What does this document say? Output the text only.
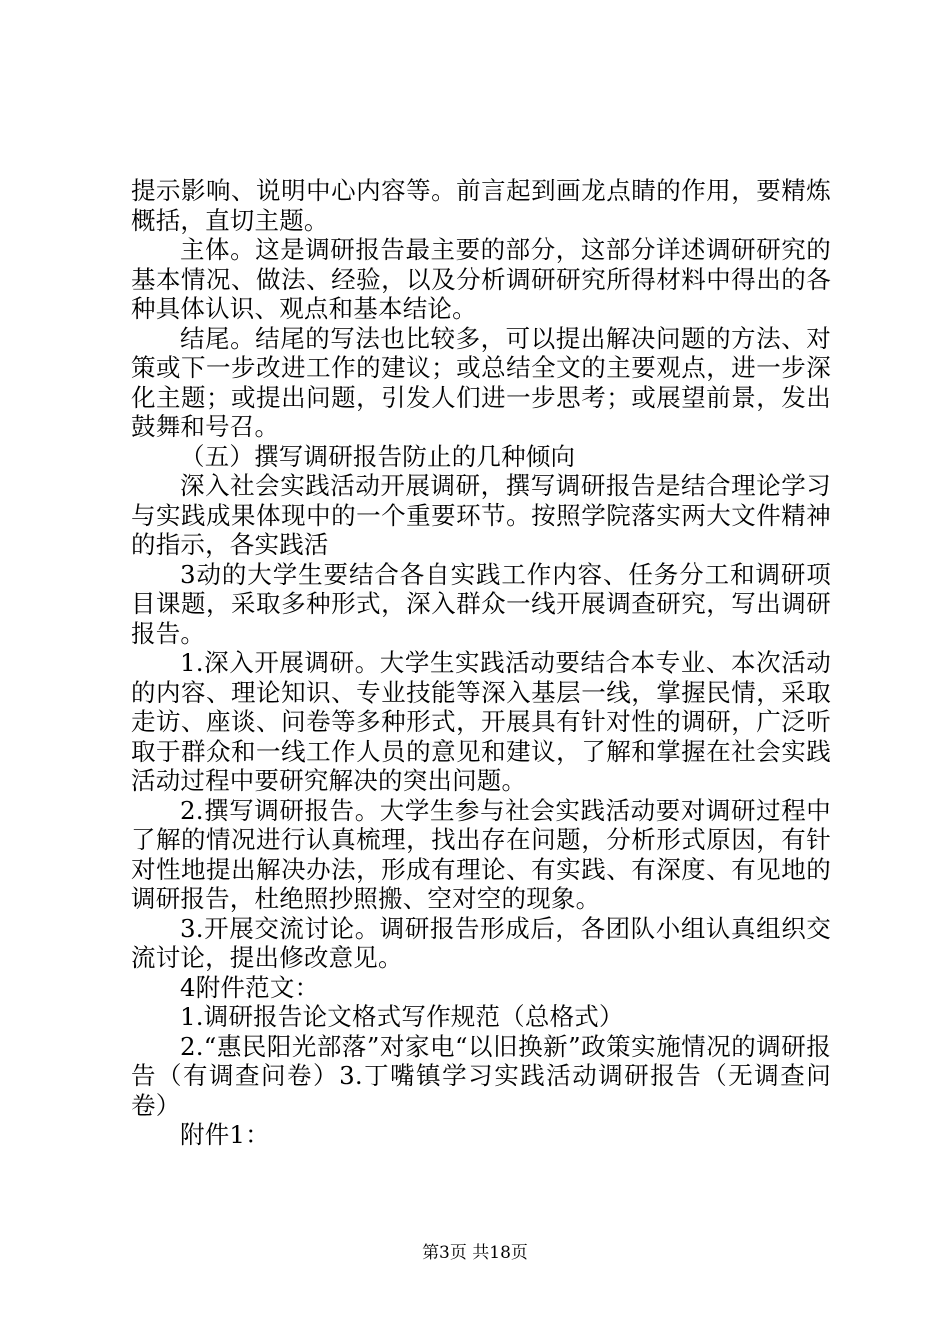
提示影响、说明中心内容等。前言起到画龙点睛的作用，要精炼概括，直切主题。

主体。这是调研报告最主要的部分，这部分详述调研研究的基本情况、做法、经验，以及分析调研研究所得材料中得出的各种具体认识、观点和基本结论。

结尾。结尾的写法也比较多，可以提出解决问题的方法、对策或下一步改进工作的建议；或总结全文的主要观点，进一步深化主题；或提出问题，引发人们进一步思考；或展望前景，发出鼓舞和号召。

（五）撰写调研报告防止的几种倾向

深入社会实践活动开展调研，撰写调研报告是结合理论学习与实践成果体现中的一个重要环节。按照学院落实两大文件精神的指示，各实践活

3动的大学生要结合各自实践工作内容、任务分工和调研项目课题，采取多种形式，深入群众一线开展调查研究，写出调研报告。

1.深入开展调研。大学生实践活动要结合本专业、本次活动的内容、理论知识、专业技能等深入基层一线，掌握民情，采取走访、座谈、问卷等多种形式，开展具有针对性的调研，广泛听取于群众和一线工作人员的意见和建议，了解和掌握在社会实践活动过程中要研究解决的突出问题。

2.撰写调研报告。大学生参与社会实践活动要对调研过程中了解的情况进行认真梳理，找出存在问题，分析形式原因，有针对性地提出解决办法，形成有理论、有实践、有深度、有见地的调研报告，杜绝照抄照搬、空对空的现象。

3.开展交流讨论。调研报告形成后，各团队小组认真组织交流讨论，提出修改意见。

4附件范文：

1.调研报告论文格式写作规范（总格式）

2.“惠民阳光部落”对家电“以旧换新”政策实施情况的调研报告（有调查问卷）3.丁嘴镇学习实践活动调研报告（无调查问卷）

附件1：

第3页 共18页
